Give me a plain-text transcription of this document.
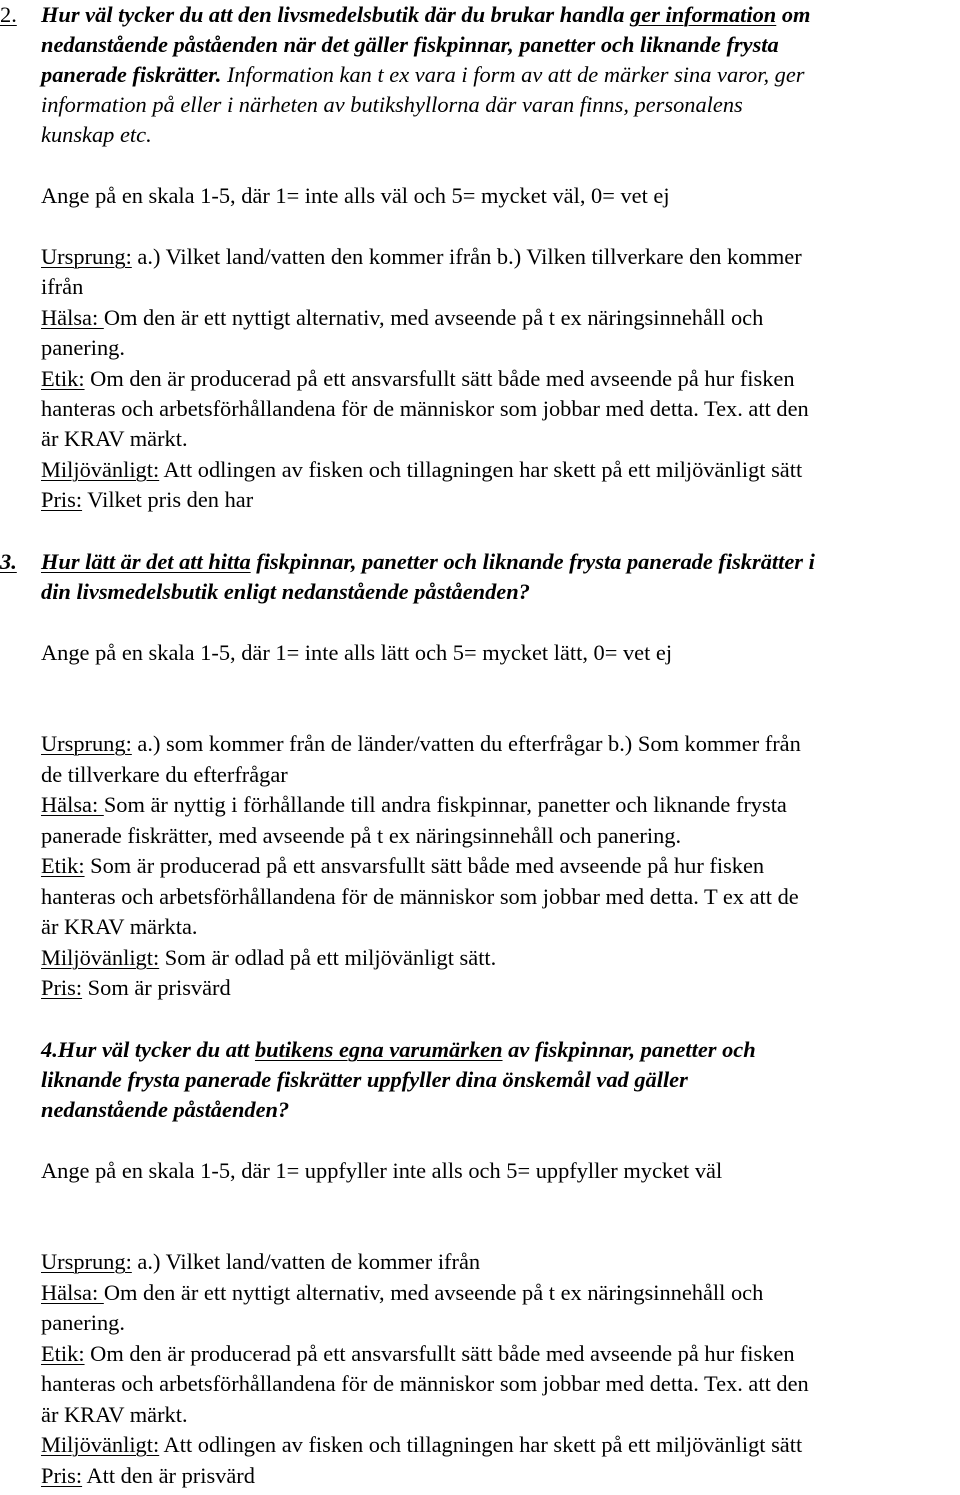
2. Hur väl tycker du att den livsmedelsbutik där du brukar handla ger information om
nedanstående påståenden när det gäller fiskpinnar, panetter och liknande frysta
panerade fiskrätter. Information kan t ex vara i form av att de märker sina varor, ger
information på eller i närheten av butikshyllorna där varan finns, personalens
kunskap etc.
Ange på en skala 1-5, där 1= inte alls väl och 5= mycket väl, 0= vet ej
Ursprung: a.) Vilket land/vatten den kommer ifrån b.) Vilken tillverkare den kommer
ifrån
Hälsa: Om den är ett nyttigt alternativ, med avseende på t ex näringsinnehåll och
panering.
Etik: Om den är producerad på ett ansvarsfullt sätt både med avseende på hur fisken
hanteras och arbetsförhållandena för de människor som jobbar med detta. Tex. att den
är KRAV märkt.
Miljövänligt: Att odlingen av fisken och tillagningen har skett på ett miljövänligt sätt
Pris: Vilket pris den har
3. Hur lätt är det att hitta fiskpinnar, panetter och liknande frysta panerade fiskrätter i
din livsmedelsbutik enligt nedanstående påståenden?
Ange på en skala 1-5, där 1= inte alls lätt och 5= mycket lätt, 0= vet ej
Ursprung: a.) som kommer från de länder/vatten du efterfrågar b.) Som kommer från
de tillverkare du efterfrågar
Hälsa: Som är nyttig i förhållande till andra fiskpinnar, panetter och liknande frysta
panerade fiskrätter, med avseende på t ex näringsinnehåll och panering.
Etik: Som är producerad på ett ansvarsfullt sätt både med avseende på hur fisken
hanteras och arbetsförhållandena för de människor som jobbar med detta. T ex att de
är KRAV märkta.
Miljövänligt: Som är odlad på ett miljövänligt sätt.
Pris: Som är prisvärd
4.Hur väl tycker du att butikens egna varumärken av fiskpinnar, panetter och
liknande frysta panerade fiskrätter uppfyller dina önskemål vad gäller
nedanstående påståenden?
Ange på en skala 1-5, där 1= uppfyller inte alls och 5= uppfyller mycket väl
Ursprung: a.) Vilket land/vatten de kommer ifrån
Hälsa: Om den är ett nyttigt alternativ, med avseende på t ex näringsinnehåll och
panering.
Etik: Om den är producerad på ett ansvarsfullt sätt både med avseende på hur fisken
hanteras och arbetsförhållandena för de människor som jobbar med detta. Tex. att den
är KRAV märkt.
Miljövänligt: Att odlingen av fisken och tillagningen har skett på ett miljövänligt sätt
Pris: Att den är prisvärd
